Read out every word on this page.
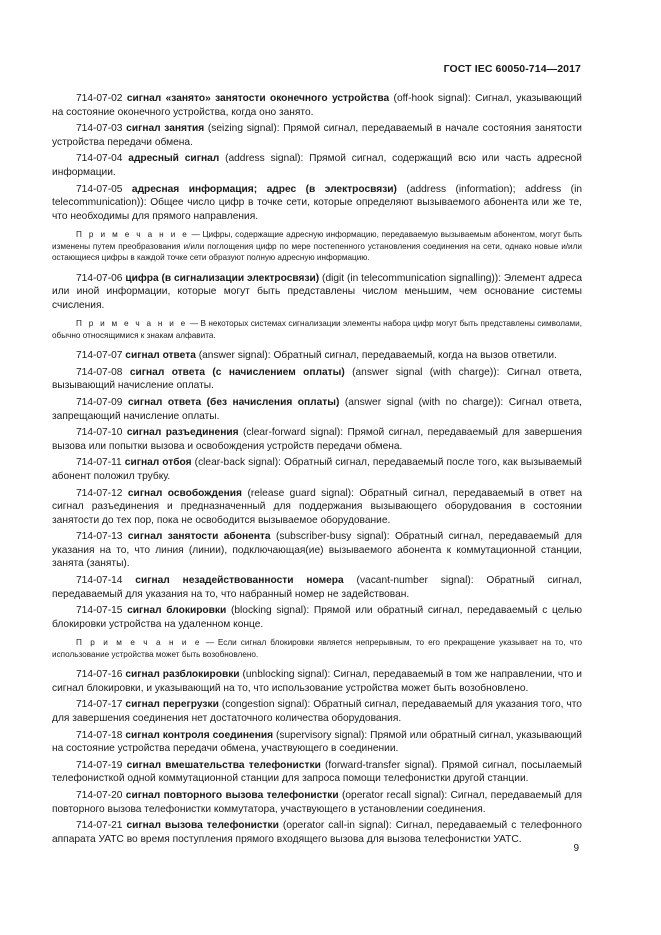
ГОСТ IEC 60050-714—2017

714-07-02 сигнал «занято» занятости оконечного устройства (off-hook signal): Сигнал, указывающий на состояние оконечного устройства, когда оно занято.

714-07-03 сигнал занятия (seizing signal): Прямой сигнал, передаваемый в начале состояния занятости устройства передачи обмена.

714-07-04 адресный сигнал (address signal): Прямой сигнал, содержащий всю или часть адресной информации.

714-07-05 адресная информация; адрес (в электросвязи) (address (information); address (in telecommunication)): Общее число цифр в точке сети, которые определяют вызываемого абонента или же те, что необходимы для прямого направления.

П р и м е ч а н и е — Цифры, содержащие адресную информацию, передаваемую вызываемым абонентом, могут быть изменены путем преобразования и/или поглощения цифр по мере постепенного установления соединения на сети, однако новые и/или остающиеся цифры в каждой точке сети образуют полную адресную информацию.

714-07-06 цифра (в сигнализации электросвязи) (digit (in telecommunication signalling)): Элемент адреса или иной информации, которые могут быть представлены числом меньшим, чем основание системы счисления.

П р и м е ч а н и е — В некоторых системах сигнализации элементы набора цифр могут быть представлены символами, обычно относящимися к знакам алфавита.

714-07-07 сигнал ответа (answer signal): Обратный сигнал, передаваемый, когда на вызов ответили.

714-07-08 сигнал ответа (с начислением оплаты) (answer signal (with charge)): Сигнал ответа, вызывающий начисление оплаты.

714-07-09 сигнал ответа (без начисления оплаты) (answer signal (with no charge)): Сигнал ответа, запрещающий начисление оплаты.

714-07-10 сигнал разъединения (clear-forward signal): Прямой сигнал, передаваемый для завершения вызова или попытки вызова и освобождения устройств передачи обмена.

714-07-11 сигнал отбоя (clear-back signal): Обратный сигнал, передаваемый после того, как вызываемый абонент положил трубку.

714-07-12 сигнал освобождения (release guard signal): Обратный сигнал, передаваемый в ответ на сигнал разъединения и предназначенный для поддержания вызывающего оборудования в состоянии занятости до тех пор, пока не освободится вызываемое оборудование.

714-07-13 сигнал занятости абонента (subscriber-busy signal): Обратный сигнал, передаваемый для указания на то, что линия (линии), подключающая(ие) вызываемого абонента к коммутационной станции, занята (заняты).

714-07-14 сигнал незадействованности номера (vacant-number signal): Обратный сигнал, передаваемый для указания на то, что набранный номер не задействован.

714-07-15 сигнал блокировки (blocking signal): Прямой или обратный сигнал, передаваемый с целью блокировки устройства на удаленном конце.

П р и м е ч а н и е — Если сигнал блокировки является непрерывным, то его прекращение указывает на то, что использование устройства может быть возобновлено.

714-07-16 сигнал разблокировки (unblocking signal): Сигнал, передаваемый в том же направлении, что и сигнал блокировки, и указывающий на то, что использование устройства может быть возобновлено.

714-07-17 сигнал перегрузки (congestion signal): Обратный сигнал, передаваемый для указания того, что для завершения соединения нет достаточного количества оборудования.

714-07-18 сигнал контроля соединения (supervisory signal): Прямой или обратный сигнал, указывающий на состояние устройства передачи обмена, участвующего в соединении.

714-07-19 сигнал вмешательства телефонистки (forward-transfer signal). Прямой сигнал, посылаемый телефонисткой одной коммутационной станции для запроса помощи телефонистки другой станции.

714-07-20 сигнал повторного вызова телефонистки (operator recall signal): Сигнал, передаваемый для повторного вызова телефонистки коммутатора, участвующего в установлении соединения.

714-07-21 сигнал вызова телефонистки (operator call-in signal): Сигнал, передаваемый с телефонного аппарата УАТС во время поступления прямого входящего вызова для вызова телефонистки УАТС.

9
